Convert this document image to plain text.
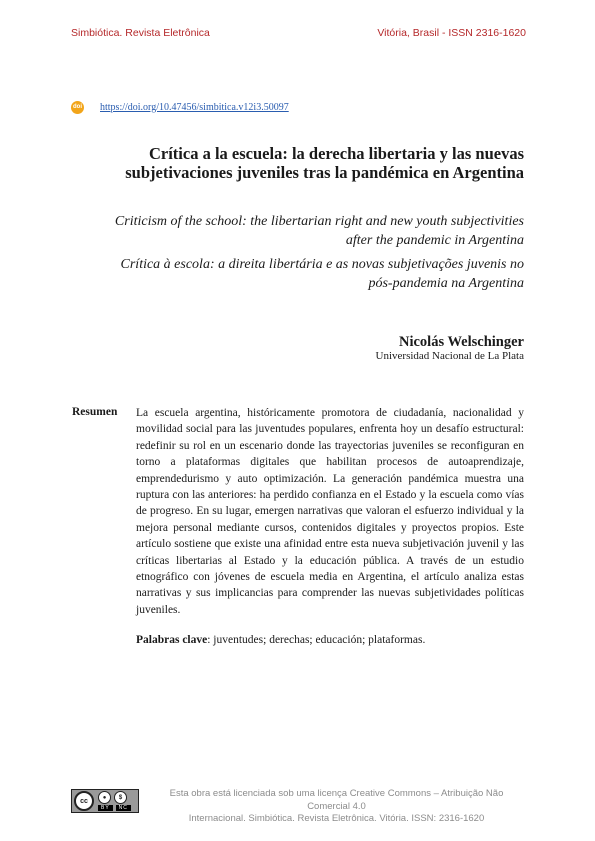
Simbiótica. Revista Eletrônica	Vitória, Brasil - ISSN 2316-1620
doi https://doi.org/10.47456/simbitica.v12i3.50097
Crítica a la escuela: la derecha libertaria y las nuevas subjetivaciones juveniles tras la pandémica en Argentina

Criticism of the school: the libertarian right and new youth subjectivities after the pandemic in Argentina

Crítica à escola: a direita libertária e as novas subjetivações juvenis no pós-pandemia na Argentina

Nicolás Welschinger
Universidad Nacional de La Plata
Resumen La escuela argentina, históricamente promotora de ciudadanía, nacionalidad y movilidad social para las juventudes populares, enfrenta hoy un desafío estructural: redefinir su rol en un escenario donde las trayectorias juveniles se reconfiguran en torno a plataformas digitales que habilitan procesos de autoaprendizaje, emprendedurismo y auto optimización. La generación pandémica muestra una ruptura con las anteriores: ha perdido confianza en el Estado y la escuela como vías de progreso. En su lugar, emergen narrativas que valoran el esfuerzo individual y la mejora personal mediante cursos, contenidos digitales y proyectos propios. Este artículo sostiene que existe una afinidad entre esta nueva subjetivación juvenil y las críticas libertarias al Estado y la educación pública. A través de un estudio etnográfico con jóvenes de escuela media en Argentina, el artículo analiza estas narrativas y sus implicancias para comprender las nuevas subjetividades políticas juveniles.

Palabras clave: juventudes; derechas; educación; plataformas.

cc	●	$
BY	NC
Esta obra está licenciada sob uma licença Creative Commons – Atribuição Não Comercial 4.0
Internacional. Simbiótica. Revista Eletrônica. Vitória. ISSN: 2316-1620
